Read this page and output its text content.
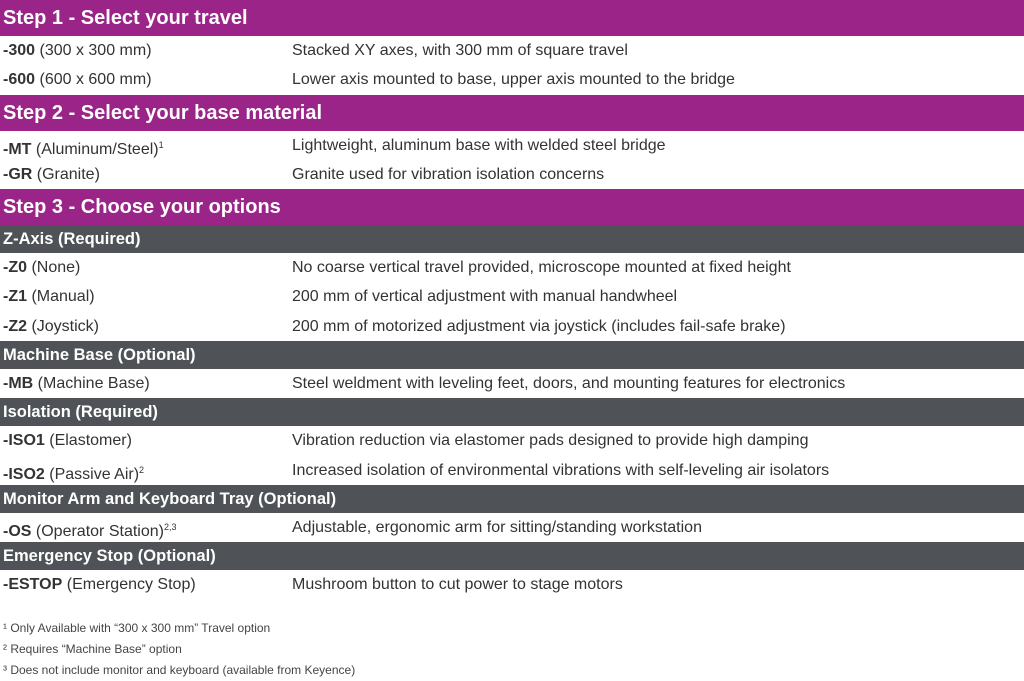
Step 1 - Select your travel
-300 (300 x 300 mm)	Stacked XY axes, with 300 mm of square travel
-600 (600 x 600 mm)	Lower axis mounted to base, upper axis mounted to the bridge
Step 2 - Select your base material
-MT (Aluminum/Steel)$^1$	Lightweight, aluminum base with welded steel bridge
-GR (Granite)	Granite used for vibration isolation concerns
Step 3 - Choose your options
Z-Axis (Required)
-Z0 (None)	No coarse vertical travel provided, microscope mounted at fixed height
-Z1 (Manual)	200 mm of vertical adjustment with manual handwheel
-Z2 (Joystick)	200 mm of motorized adjustment via joystick (includes fail-safe brake)
Machine Base (Optional)
-MB (Machine Base)	Steel weldment with leveling feet, doors, and mounting features for electronics
Isolation (Required)
-ISO1 (Elastomer)	Vibration reduction via elastomer pads designed to provide high damping
-ISO2 (Passive Air)$^2$	Increased isolation of environmental vibrations with self-leveling air isolators
Monitor Arm and Keyboard Tray (Optional)
-OS (Operator Station)$^{2,3}$	Adjustable, ergonomic arm for sitting/standing workstation
Emergency Stop (Optional)
-ESTOP (Emergency Stop)	Mushroom button to cut power to stage motors
¹ Only Available with “300 x 300 mm” Travel option
² Requires “Machine Base” option
³ Does not include monitor and keyboard (available from Keyence)
